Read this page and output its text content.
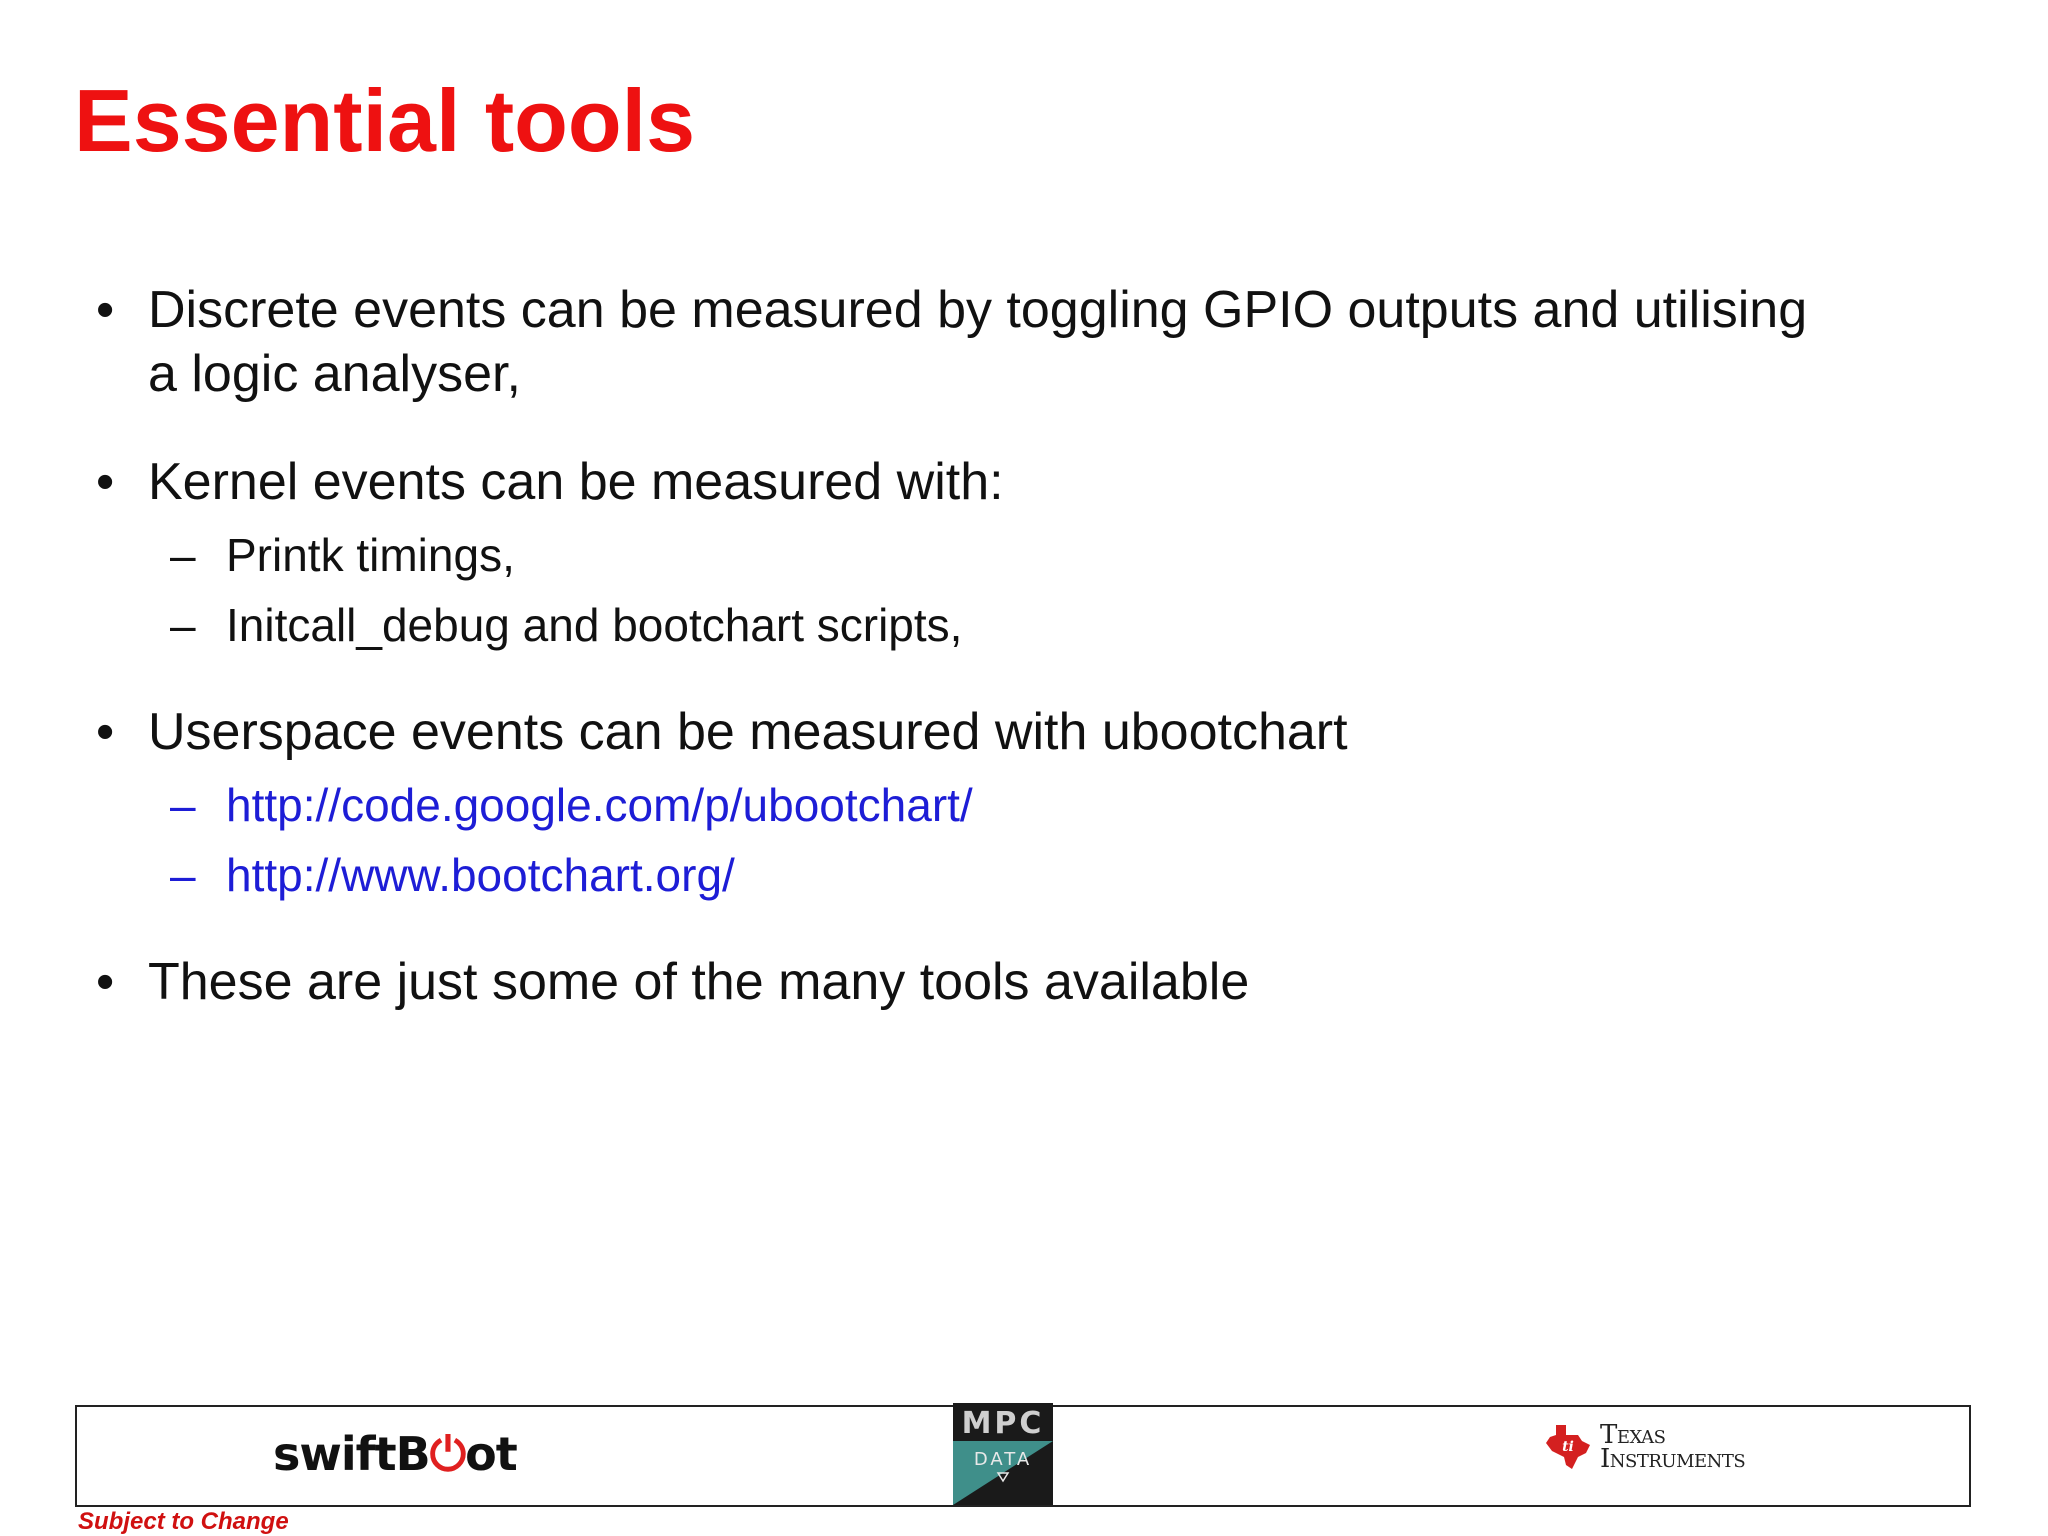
Essential tools
• Discrete events can be measured by toggling GPIO outputs and utilising a logic analyser,
• Kernel events can be measured with:
– Printk timings,
– Initcall_debug and bootchart scripts,
• Userspace events can be measured with ubootchart
– http://code.google.com/p/ubootchart/
– http://www.bootchart.org/
• These are just some of the many tools available
swiftB⏻ot
MPC
DATA
ti Texas
Instruments
Subject to Change
